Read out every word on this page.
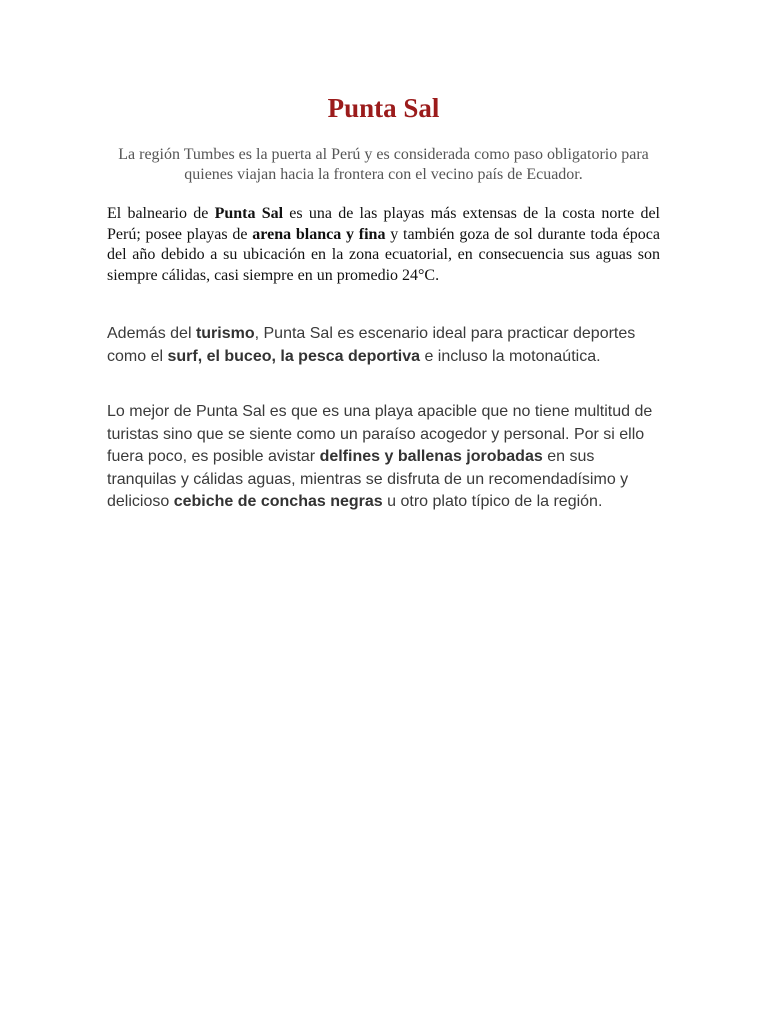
Punta Sal

La región Tumbes es la puerta al Perú y es considerada como paso obligatorio para quienes viajan hacia la frontera con el vecino país de Ecuador.

El balneario de Punta Sal es una de las playas más extensas de la costa norte del Perú; posee playas de arena blanca y fina y también goza de sol durante toda época del año debido a su ubicación en la zona ecuatorial, en consecuencia sus aguas son siempre cálidas, casi siempre en un promedio 24°C.

Además del turismo, Punta Sal es escenario ideal para practicar deportes como el surf, el buceo, la pesca deportiva e incluso la motonaútica.

Lo mejor de Punta Sal es que es una playa apacible que no tiene multitud de turistas sino que se siente como un paraíso acogedor y personal. Por si ello fuera poco, es posible avistar delfines y ballenas jorobadas en sus tranquilas y cálidas aguas, mientras se disfruta de un recomendadísimo y delicioso cebiche de conchas negras u otro plato típico de la región.
